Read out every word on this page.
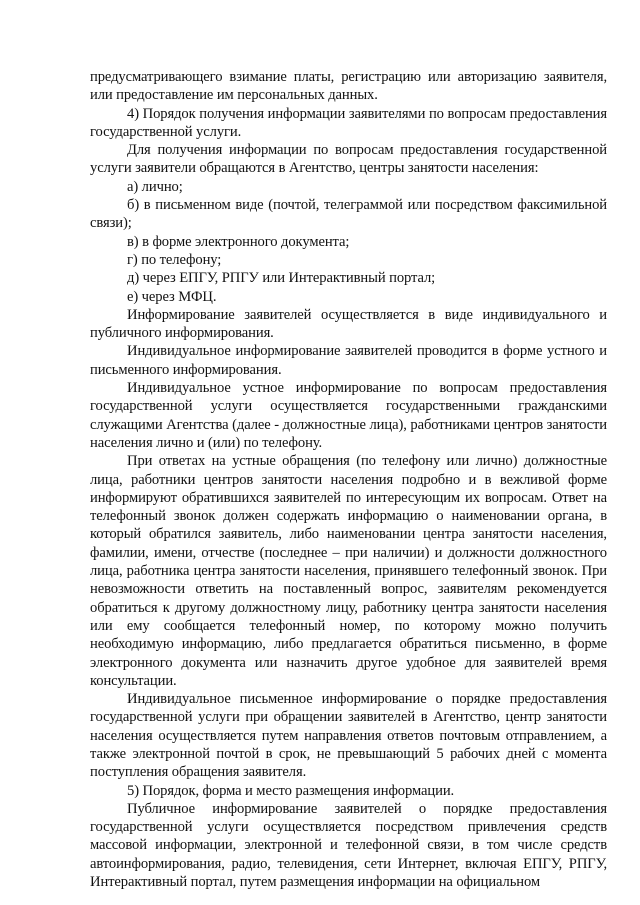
предусматривающего взимание платы, регистрацию или авторизацию заявителя, или предоставление им персональных данных.

4) Порядок получения информации заявителями по вопросам предоставления государственной услуги.

Для получения информации по вопросам предоставления государственной услуги заявители обращаются в Агентство, центры занятости населения:

а) лично;

б) в письменном виде (почтой, телеграммой или посредством факсимильной связи);

в) в форме электронного документа;

г) по телефону;

д) через ЕПГУ, РПГУ или Интерактивный портал;

е) через МФЦ.

Информирование заявителей осуществляется в виде индивидуального и публичного информирования.

Индивидуальное информирование заявителей проводится в форме устного и письменного информирования.

Индивидуальное устное информирование по вопросам предоставления государственной услуги осуществляется государственными гражданскими служащими Агентства (далее - должностные лица), работниками центров занятости населения лично и (или) по телефону.

При ответах на устные обращения (по телефону или лично) должностные лица, работники центров занятости населения подробно и в вежливой форме информируют обратившихся заявителей по интересующим их вопросам. Ответ на телефонный звонок должен содержать информацию о наименовании органа, в который обратился заявитель, либо наименовании центра занятости населения, фамилии, имени, отчестве (последнее – при наличии) и должности должностного лица, работника центра занятости населения, принявшего телефонный звонок. При невозможности ответить на поставленный вопрос, заявителям рекомендуется обратиться к другому должностному лицу, работнику центра занятости населения или ему сообщается телефонный номер, по которому можно получить необходимую информацию, либо предлагается обратиться письменно, в форме электронного документа или назначить другое удобное для заявителей время консультации.

Индивидуальное письменное информирование о порядке предоставления государственной услуги при обращении заявителей в Агентство, центр занятости населения осуществляется путем направления ответов почтовым отправлением, а также электронной почтой в срок, не превышающий 5 рабочих дней с момента поступления обращения заявителя.

5) Порядок, форма и место размещения информации.

Публичное информирование заявителей о порядке предоставления государственной услуги осуществляется посредством привлечения средств массовой информации, электронной и телефонной связи, в том числе средств автоинформирования, радио, телевидения, сети Интернет, включая ЕПГУ, РПГУ, Интерактивный портал, путем размещения информации на официальном
